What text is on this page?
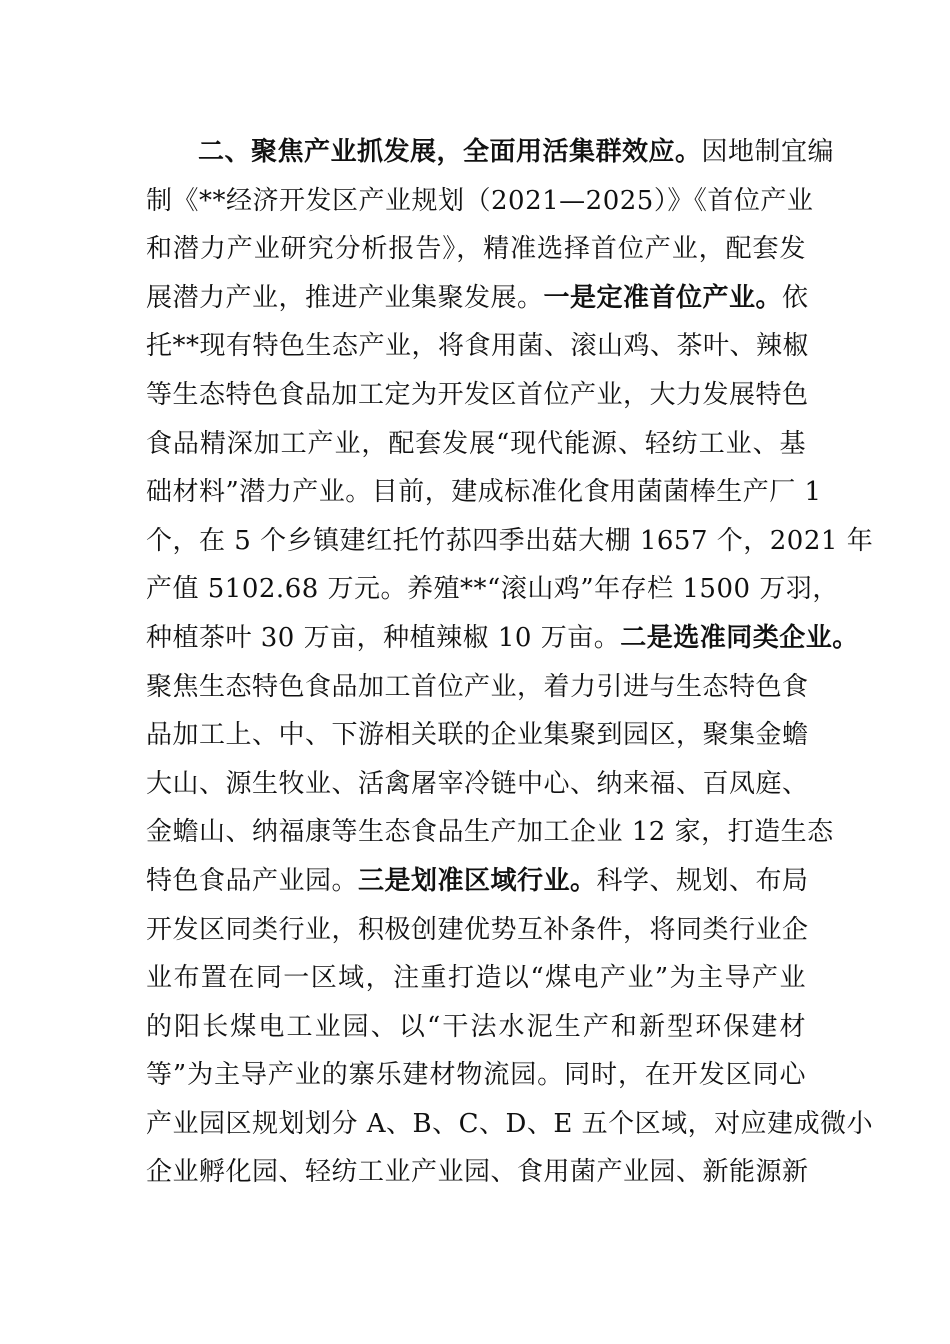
二、聚焦产业抓发展，全面用活集群效应。因地制宜编
制《**经济开发区产业规划（2021—2025）》《首位产业
和潜力产业研究分析报告》，精准选择首位产业，配套发
展潜力产业，推进产业集聚发展。一是定准首位产业。依
托**现有特色生态产业，将食用菌、滚山鸡、茶叶、辣椒
等生态特色食品加工定为开发区首位产业，大力发展特色
食品精深加工产业，配套发展“现代能源、轻纺工业、基
础材料”潜力产业。目前，建成标准化食用菌菌棒生产厂 1
个，在 5 个乡镇建红托竹荪四季出菇大棚 1657 个，2021 年
产值 5102.68 万元。养殖**“滚山鸡”年存栏 1500 万羽，
种植茶叶 30 万亩，种植辣椒 10 万亩。二是选准同类企业。
聚焦生态特色食品加工首位产业，着力引进与生态特色食
品加工上、中、下游相关联的企业集聚到园区，聚集金蟾
大山、源生牧业、活禽屠宰冷链中心、纳来福、百凤庭、
金蟾山、纳福康等生态食品生产加工企业 12 家，打造生态
特色食品产业园。三是划准区域行业。科学、规划、布局
开发区同类行业，积极创建优势互补条件，将同类行业企
业布置在同一区域，注重打造以“煤电产业”为主导产业
的阳长煤电工业园、以“干法水泥生产和新型环保建材
等”为主导产业的寨乐建材物流园。同时，在开发区同心
产业园区规划划分 A、B、C、D、E 五个区域，对应建成微小
企业孵化园、轻纺工业产业园、食用菌产业园、新能源新
